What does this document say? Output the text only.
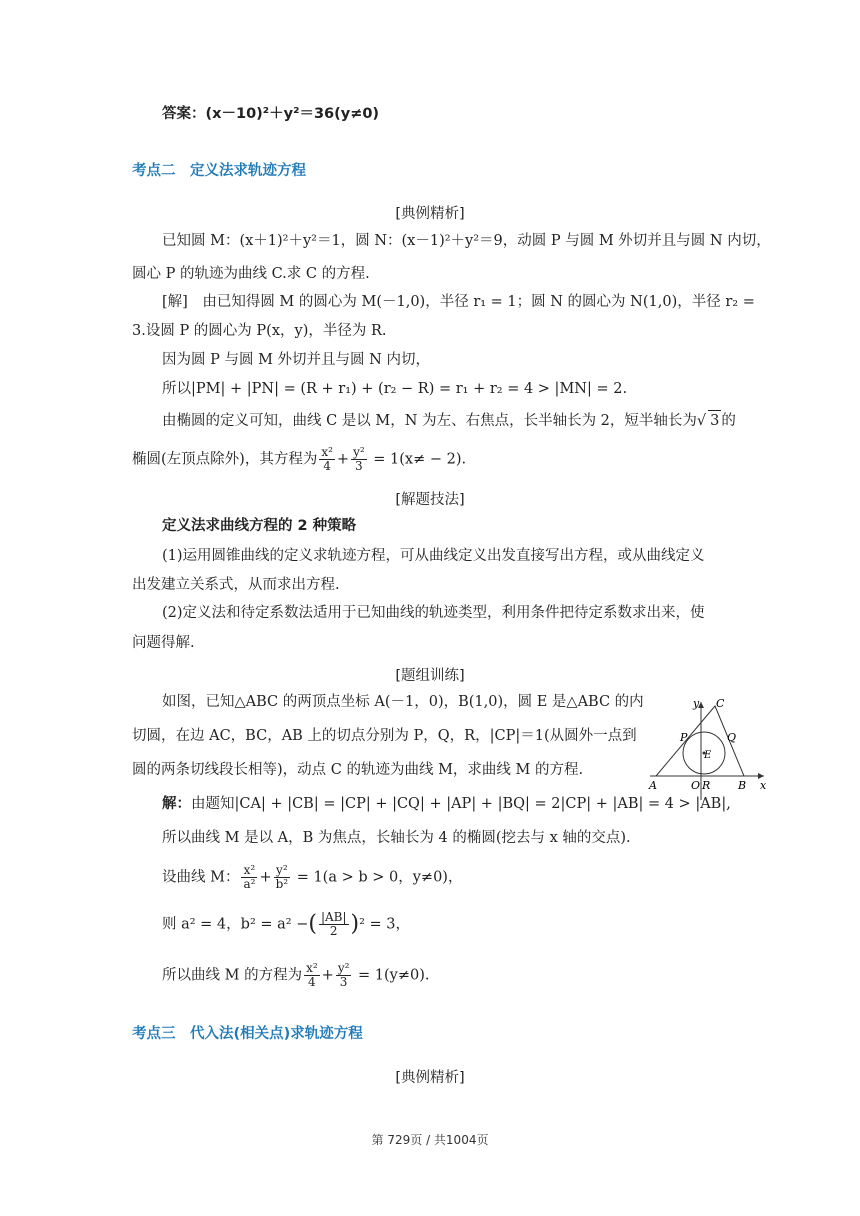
答案：(x－10)²＋y²＝36(y≠0)
考点二　定义法求轨迹方程
[典例精析]
已知圆 M：(x＋1)²＋y²＝1，圆 N：(x－1)²＋y²＝9，动圆 P 与圆 M 外切并且与圆 N 内切，
圆心 P 的轨迹为曲线 C.求 C 的方程.
[解]　由已知得圆 M 的圆心为 M(－1,0)，半径 r₁ = 1；圆 N 的圆心为 N(1,0)，半径 r₂ =
3.设圆 P 的圆心为 P(x，y)，半径为 R.
因为圆 P 与圆 M 外切并且与圆 N 内切，
所以|PM| + |PN| = (R + r₁) + (r₂ − R) = r₁ + r₂ = 4 > |MN| = 2.
由椭圆的定义可知，曲线 C 是以 M，N 为左、右焦点，长半轴长为 2，短半轴长为√ 3 的
椭圆(左顶点除外)，其方程为 $\frac{\text{x²}}{4} + \frac{\text{y²}}{3} = 1(x\ne - 2)$.
[解题技法]
定义法求曲线方程的 2 种策略
(1)运用圆锥曲线的定义求轨迹方程，可从曲线定义出发直接写出方程，或从曲线定义
出发建立关系式，从而求出方程.
(2)定义法和待定系数法适用于已知曲线的轨迹类型，利用条件把待定系数求出来，使
问题得解.
[题组训练]
如图，已知△ABC 的两顶点坐标 A(－1，0)，B(1,0)，圆 E 是△ABC 的内
切圆，在边 AC，BC，AB 上的切点分别为 P，Q，R，|CP|＝1(从圆外一点到
圆的两条切线段长相等)，动点 C 的轨迹为曲线 M，求曲线 M 的方程.
解：由题知|CA| + |CB| = |CP| + |CQ| + |AP| + |BQ| = 2|CP| + |AB| = 4 > |AB|,
所以曲线 M 是以 A，B 为焦点，长轴长为 4 的椭圆(挖去与 x 轴的交点).
设曲线 M： $\frac{\text{x²}}{\text{a²}} + \frac{\text{y²}}{\text{b²}} = 1(a > b > 0$，y≠0)，
则 a² = 4，b² = a² −( $\frac{|AB|}{2} )^2 = 3$，
所以曲线 M 的方程为 $\frac{\text{x²}}{4} + \frac{\text{y²}}{3} = 1(y\ne 0)$.
考点三　代入法(相关点)求轨迹方程
[典例精析]
y
x
A	B
C
P	Q
E
O R
第 729页 / 共1004页
